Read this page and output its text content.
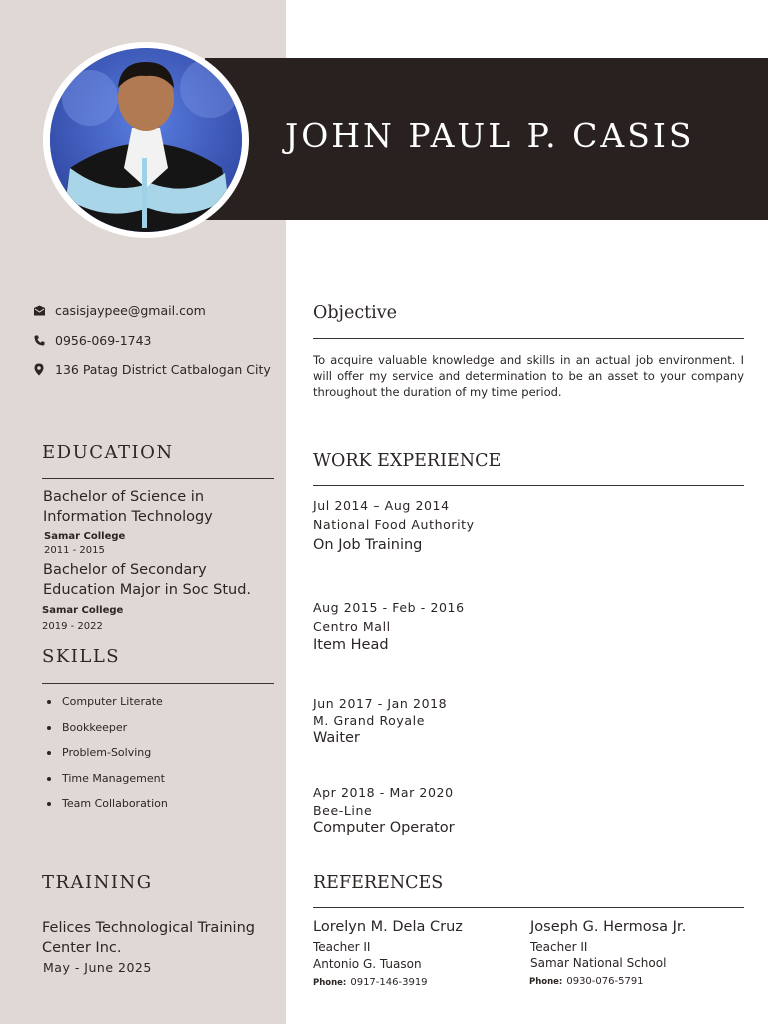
JOHN PAUL P. CASIS
casisjaypee@gmail.com
0956-069-1743
136 Patag District Catbalogan City
EDUCATION
Bachelor of Science in Information Technology
Samar College
2011 - 2015
Bachelor of Secondary Education Major in Soc Stud.
Samar College
2019 - 2022
SKILLS
Computer Literate
Bookkeeper
Problem-Solving
Time Management
Team Collaboration
TRAINING
Felices Technological Training Center Inc.
May - June 2025
Objective

To acquire valuable knowledge and skills in an actual job environment. I will offer my service and determination to be an asset to your company throughout the duration of my time period.

WORK EXPERIENCE
Jul 2014 – Aug 2014
National Food Authority
On Job Training
Aug 2015 - Feb - 2016
Centro Mall
Item Head
Jun 2017 - Jan 2018
M. Grand Royale
Waiter
Apr 2018 - Mar 2020
Bee-Line
Computer Operator
REFERENCES
Lorelyn M. Dela Cruz
Teacher II
Antonio G. Tuason
Phone: 0917-146-3919
Joseph G. Hermosa Jr.
Teacher II
Samar National School
Phone: 0930-076-5791
